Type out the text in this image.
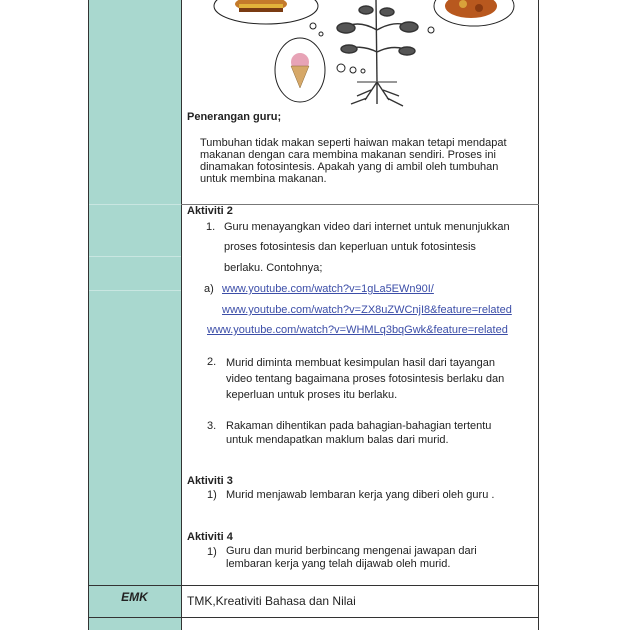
Penerangan guru;
Tumbuhan tidak makan seperti haiwan makan tetapi mendapat
makanan dengan cara membina makanan sendiri. Proses ini
dinamakan fotosintesis. Apakah yang di ambil oleh tumbuhan
untuk membina makanan.
Aktiviti 2
1. Guru menayangkan video dari internet untuk menunjukkan
proses fotosintesis dan keperluan untuk fotosintesis
berlaku. Contohnya;
a) www.youtube.com/watch?v=1gLa5EWn90I/
www.youtube.com/watch?v=ZX8uZWCnjI8&feature=related
www.youtube.com/watch?v=WHMLq3bqGwk&feature=related
2. Murid diminta membuat kesimpulan hasil dari tayangan
video tentang bagaimana proses fotosintesis berlaku dan
keperluan untuk proses itu berlaku.
3. Rakaman dihentikan pada bahagian-bahagian tertentu
untuk mendapatkan maklum balas dari murid.
Aktiviti 3
1) Murid menjawab lembaran kerja yang diberi oleh guru .
Aktiviti 4
1) Guru dan murid berbincang mengenai jawapan dari
lembaran kerja yang telah dijawab oleh murid.
EMK	TMK,Kreativiti Bahasa dan Nilai
